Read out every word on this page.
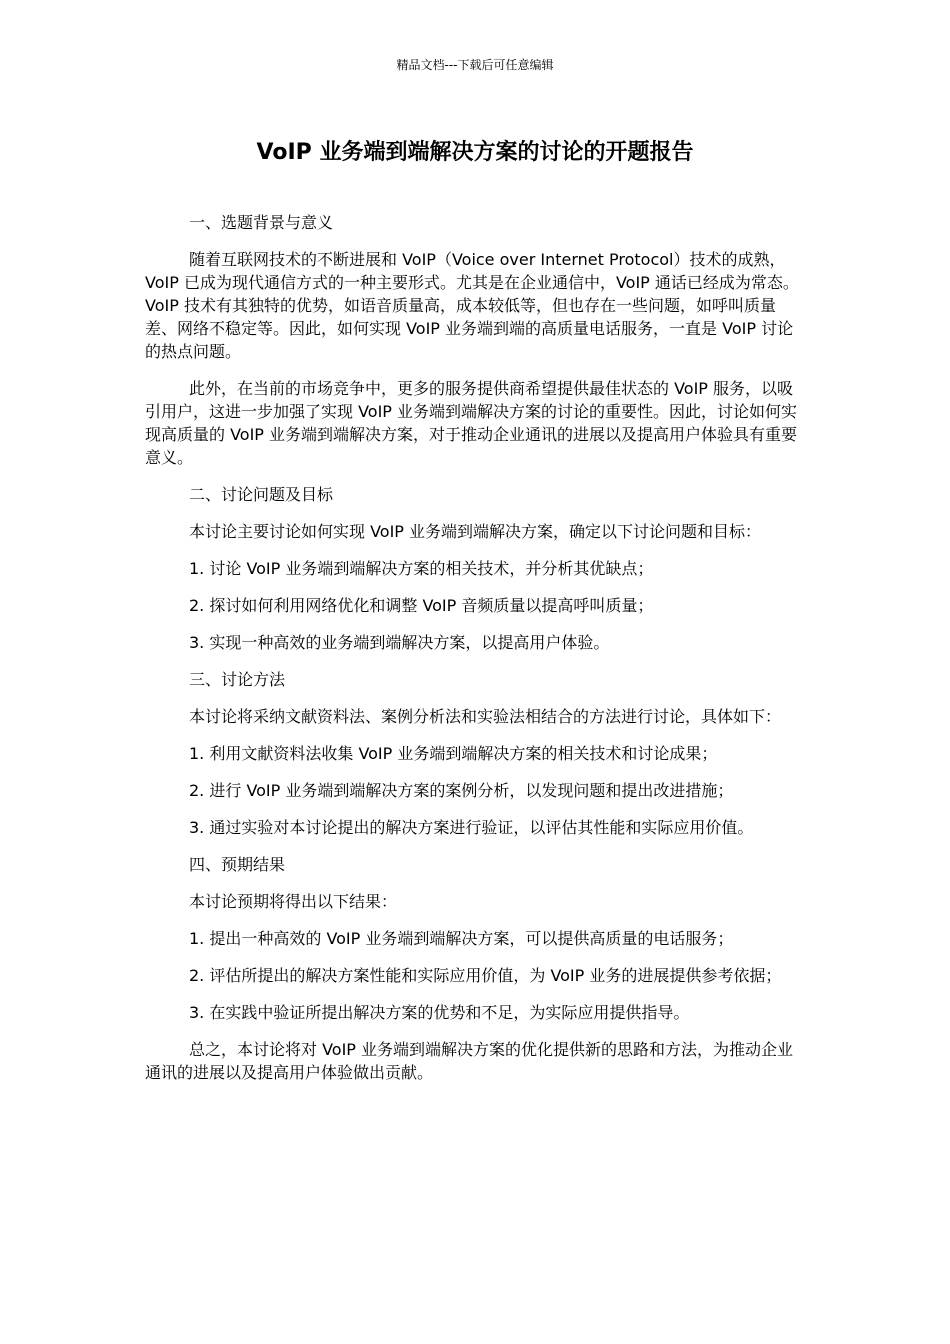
精品文档---下载后可任意编辑
VoIP 业务端到端解决方案的讨论的开题报告

一、选题背景与意义

随着互联网技术的不断进展和 VoIP（Voice over Internet Protocol）技术的成熟，VoIP 已成为现代通信方式的一种主要形式。尤其是在企业通信中，VoIP 通话已经成为常态。VoIP 技术有其独特的优势，如语音质量高，成本较低等，但也存在一些问题，如呼叫质量差、网络不稳定等。因此，如何实现 VoIP 业务端到端的高质量电话服务，一直是 VoIP 讨论的热点问题。

此外，在当前的市场竞争中，更多的服务提供商希望提供最佳状态的 VoIP 服务，以吸引用户，这进一步加强了实现 VoIP 业务端到端解决方案的讨论的重要性。因此，讨论如何实现高质量的 VoIP 业务端到端解决方案，对于推动企业通讯的进展以及提高用户体验具有重要意义。

二、讨论问题及目标

本讨论主要讨论如何实现 VoIP 业务端到端解决方案，确定以下讨论问题和目标：

1. 讨论 VoIP 业务端到端解决方案的相关技术，并分析其优缺点；

2. 探讨如何利用网络优化和调整 VoIP 音频质量以提高呼叫质量；

3. 实现一种高效的业务端到端解决方案，以提高用户体验。

三、讨论方法

本讨论将采纳文献资料法、案例分析法和实验法相结合的方法进行讨论，具体如下：

1. 利用文献资料法收集 VoIP 业务端到端解决方案的相关技术和讨论成果；

2. 进行 VoIP 业务端到端解决方案的案例分析，以发现问题和提出改进措施；

3. 通过实验对本讨论提出的解决方案进行验证，以评估其性能和实际应用价值。

四、预期结果

本讨论预期将得出以下结果：

1. 提出一种高效的 VoIP 业务端到端解决方案，可以提供高质量的电话服务；

2. 评估所提出的解决方案性能和实际应用价值，为 VoIP 业务的进展提供参考依据；

3. 在实践中验证所提出解决方案的优势和不足，为实际应用提供指导。

总之，本讨论将对 VoIP 业务端到端解决方案的优化提供新的思路和方法，为推动企业通讯的进展以及提高用户体验做出贡献。
